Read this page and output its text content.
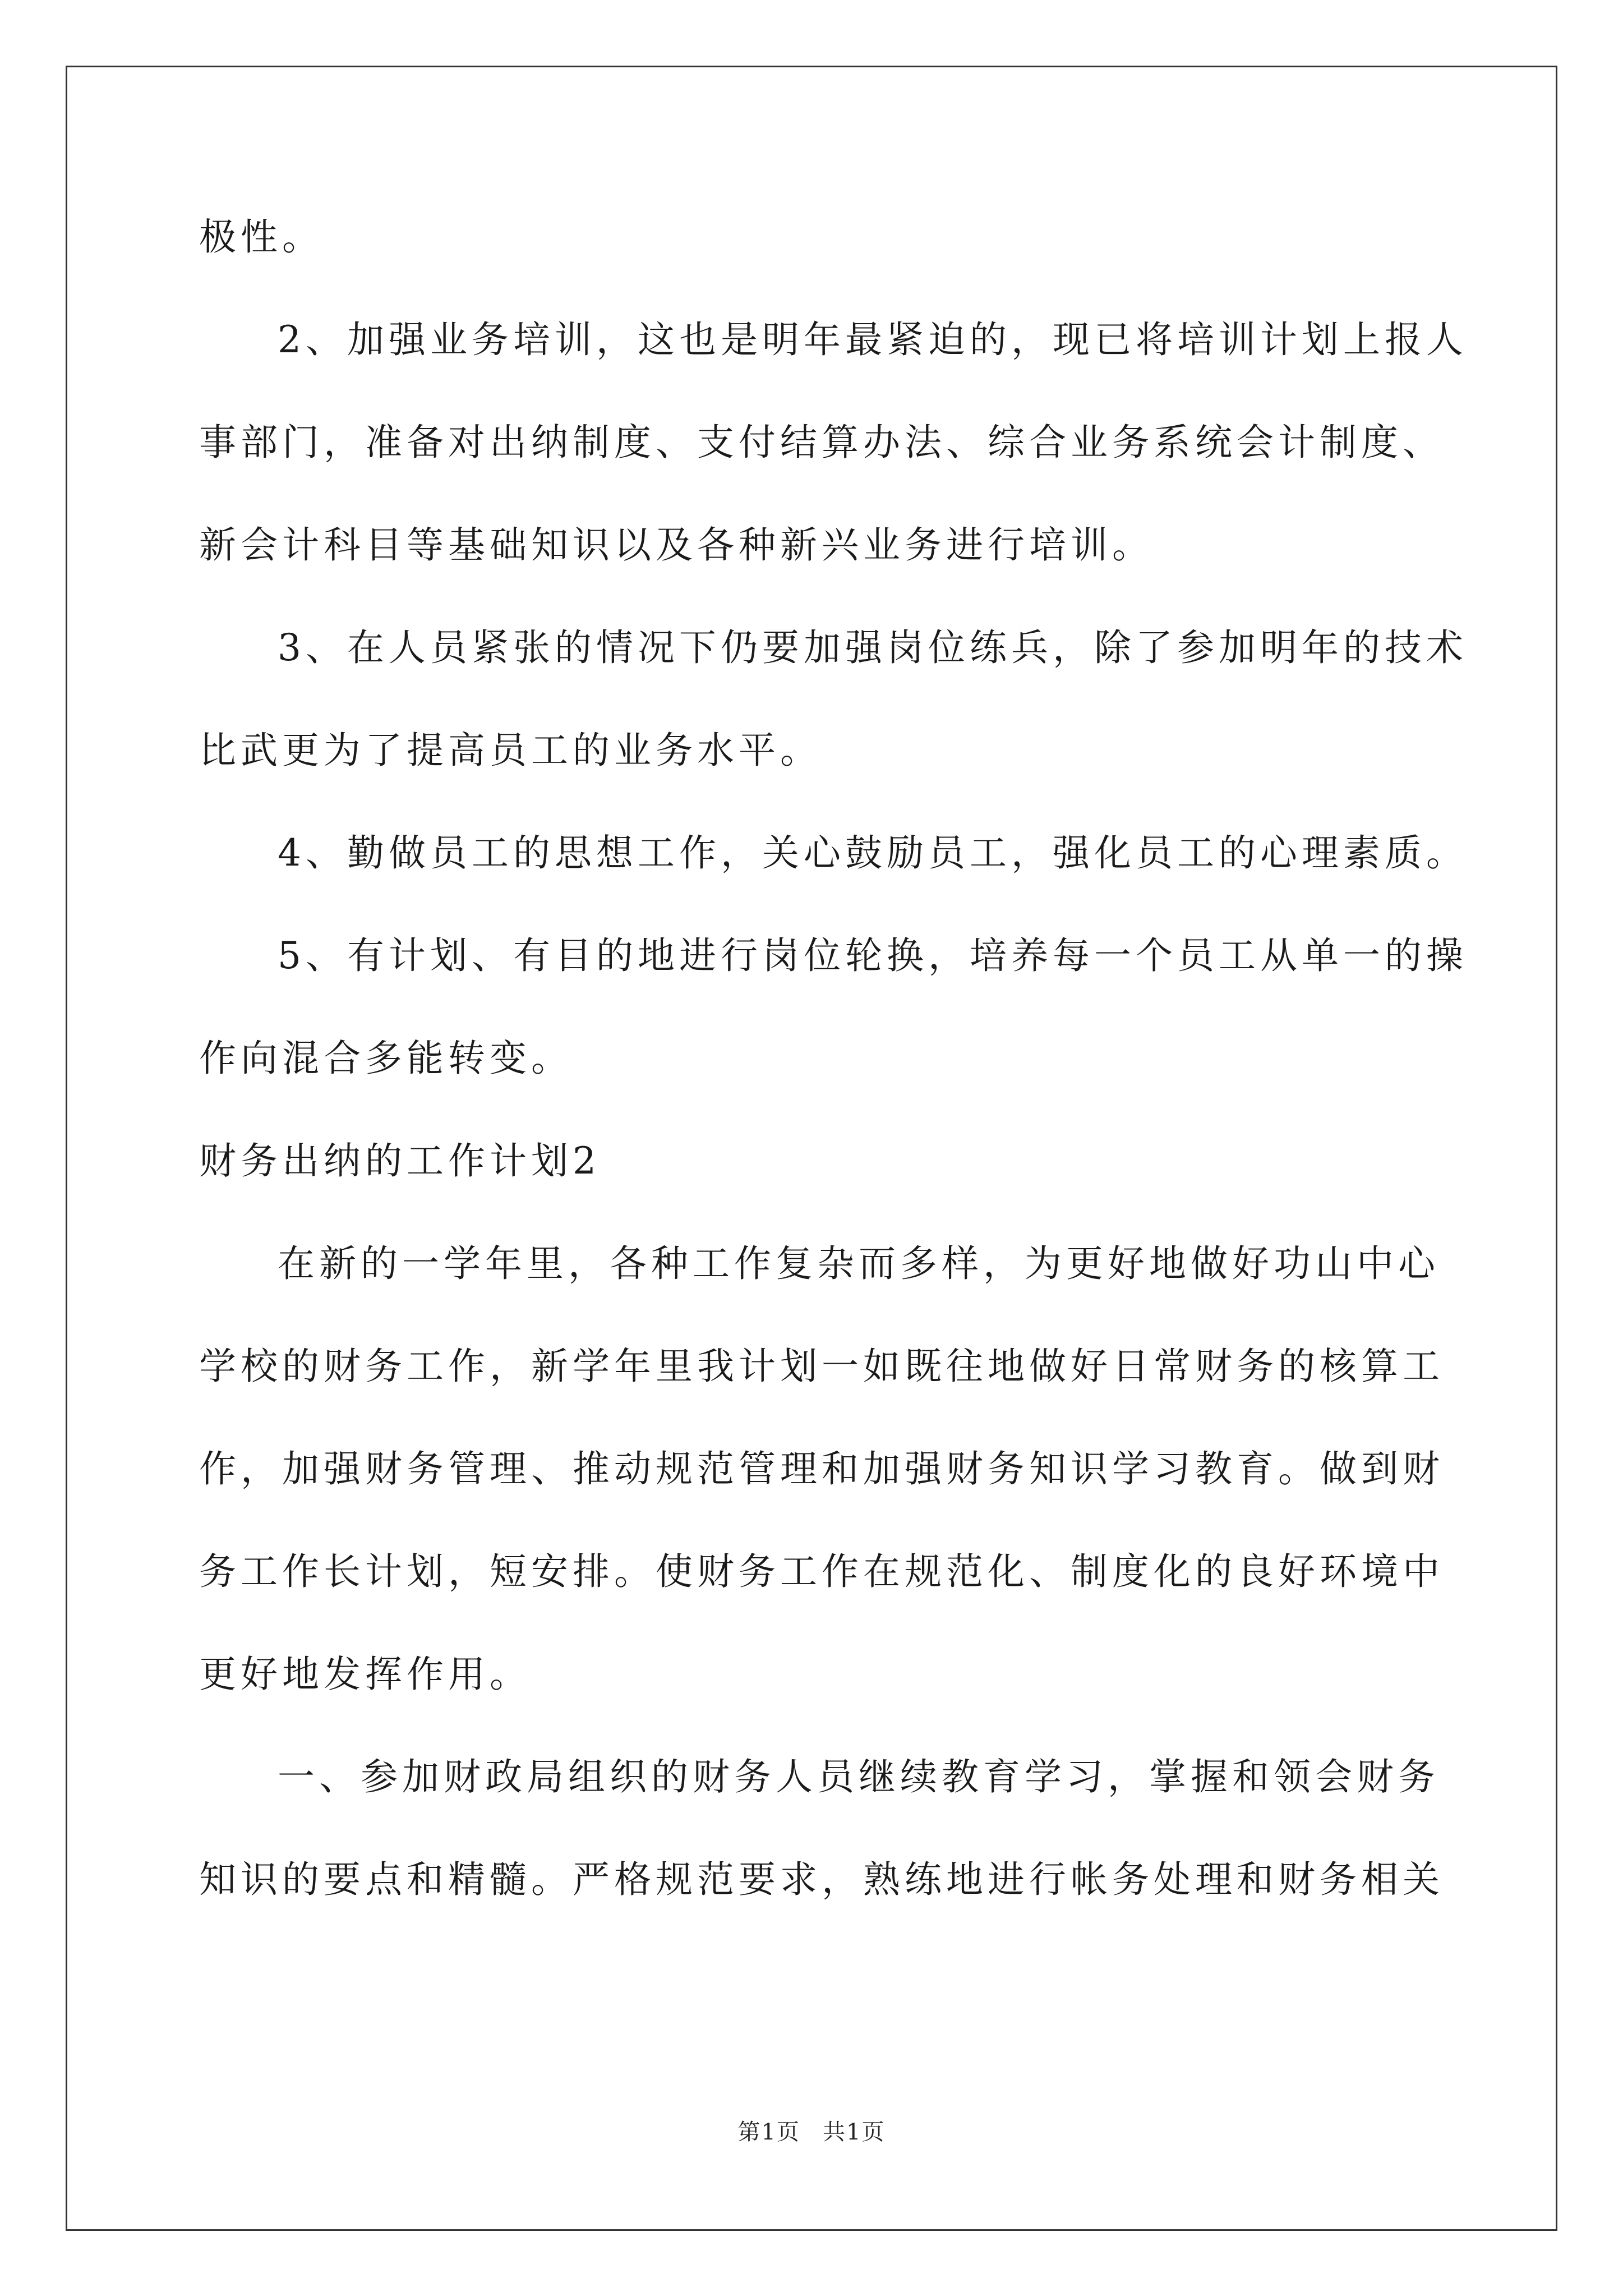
极性。
2、加强业务培训，这也是明年最紧迫的，现已将培训计划上报人
事部门，准备对出纳制度、支付结算办法、综合业务系统会计制度、
新会计科目等基础知识以及各种新兴业务进行培训。
3、在人员紧张的情况下仍要加强岗位练兵，除了参加明年的技术
比武更为了提高员工的业务水平。
4、勤做员工的思想工作，关心鼓励员工，强化员工的心理素质。
5、有计划、有目的地进行岗位轮换，培养每一个员工从单一的操
作向混合多能转变。
财务出纳的工作计划2
在新的一学年里，各种工作复杂而多样，为更好地做好功山中心
学校的财务工作，新学年里我计划一如既往地做好日常财务的核算工
作，加强财务管理、推动规范管理和加强财务知识学习教育。做到财
务工作长计划，短安排。使财务工作在规范化、制度化的良好环境中
更好地发挥作用。
一、参加财政局组织的财务人员继续教育学习，掌握和领会财务
知识的要点和精髓。严格规范要求，熟练地进行帐务处理和财务相关
第1页 共1页
